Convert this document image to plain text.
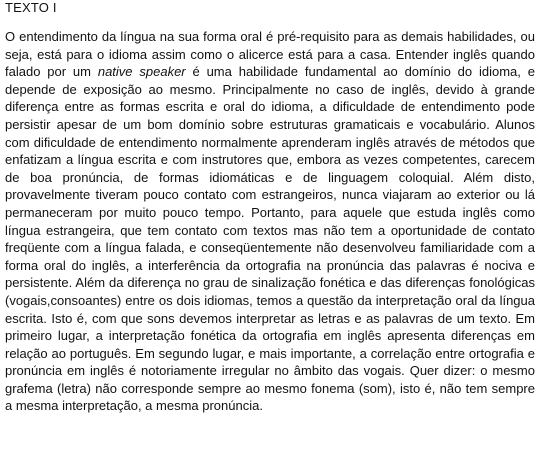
TEXTO I

O entendimento da língua na sua forma oral é pré-requisito para as demais habilidades, ou seja, está para o idioma assim como o alicerce está para a casa. Entender inglês quando falado por um native speaker é uma habilidade fundamental ao domínio do idioma, e depende de exposição ao mesmo. Principalmente no caso de inglês, devido à grande diferença entre as formas escrita e oral do idioma, a dificuldade de entendimento pode persistir apesar de um bom domínio sobre estruturas gramaticais e vocabulário. Alunos com dificuldade de entendimento normalmente aprenderam inglês através de métodos que enfatizam a língua escrita e com instrutores que, embora as vezes competentes, carecem de boa pronúncia, de formas idiomáticas e de linguagem coloquial. Além disto, provavelmente tiveram pouco contato com estrangeiros, nunca viajaram ao exterior ou lá permaneceram por muito pouco tempo. Portanto, para aquele que estuda inglês como língua estrangeira, que tem contato com textos mas não tem a oportunidade de contato freqüente com a língua falada, e conseqüentemente não desenvolveu familiaridade com a forma oral do inglês, a interferência da ortografia na pronúncia das palavras é nociva e persistente. Além da diferença no grau de sinalização fonética e das diferenças fonológicas (vogais,consoantes) entre os dois idiomas, temos a questão da interpretação oral da língua escrita. Isto é, com que sons devemos interpretar as letras e as palavras de um texto. Em primeiro lugar, a interpretação fonética da ortografia em inglês apresenta diferenças em relação ao português. Em segundo lugar, e mais importante, a correlação entre ortografia e pronúncia em inglês é notoriamente irregular no âmbito das vogais. Quer dizer: o mesmo grafema (letra) não corresponde sempre ao mesmo fonema (som), isto é, não tem sempre a mesma interpretação, a mesma pronúncia.
